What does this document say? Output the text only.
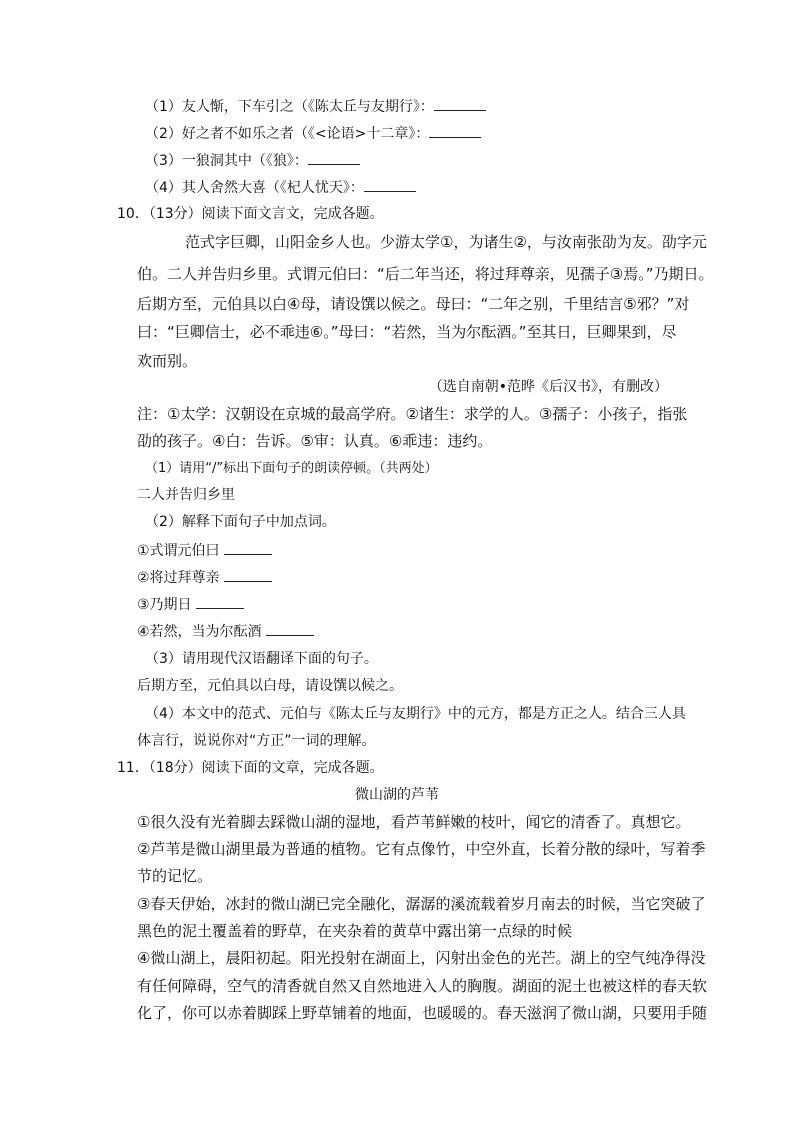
（1）友人惭，下车引之（《陈太丘与友期行》：
（2）好之者不如乐之者（《<论语>十二章》：
（3）一狼洞其中（《狼》：
（4）其人舍然大喜（《杞人忧天》：
10．（13分）阅读下面文言文，完成各题。
范式字巨卿，山阳金乡人也。少游太学①，为诸生②，与汝南张劭为友。劭字元
伯。二人并告归乡里。式谓元伯曰：“后二年当还，将过拜尊亲，见孺子③焉。”乃期日。
后期方至，元伯具以白④母，请设馔以候之。母曰：“二年之别，千里结言⑤邪？”对
曰：“巨卿信士，必不乖违⑥。”母曰：“若然，当为尔酝酒。”至其日，巨卿果到，尽
欢而别。
（选自南朝•范晔《后汉书》，有删改）
注：①太学：汉朝设在京城的最高学府。②诸生：求学的人。③孺子：小孩子，指张
劭的孩子。④白：告诉。⑤审：认真。⑥乖违：违约。
（1）请用“/”标出下面句子的朗读停顿。（共两处）
二人并告归乡里
（2）解释下面句子中加点词。
①式谓元伯曰
②将过拜尊亲
③乃期日
④若然，当为尔酝酒
（3）请用现代汉语翻译下面的句子。
后期方至，元伯具以白母，请设馔以候之。
（4）本文中的范式、元伯与《陈太丘与友期行》中的元方，都是方正之人。结合三人具
体言行，说说你对“方正”一词的理解。
11．（18分）阅读下面的文章，完成各题。
微山湖的芦苇
①很久没有光着脚去踩微山湖的湿地，看芦苇鲜嫩的枝叶，闻它的清香了。真想它。
②芦苇是微山湖里最为普通的植物。它有点像竹，中空外直，长着分散的绿叶，写着季
节的记忆。
③春天伊始，冰封的微山湖已完全融化，潺潺的溪流载着岁月南去的时候，当它突破了
黑色的泥土覆盖着的野草，在夹杂着的黄草中露出第一点绿的时候
④微山湖上，晨阳初起。阳光投射在湖面上，闪射出金色的光芒。湖上的空气纯净得没
有任何障碍，空气的清香就自然又自然地进入人的胸腹。湖面的泥土也被这样的春天软
化了，你可以赤着脚踩上野草铺着的地面，也暖暖的。春天滋润了微山湖，只要用手随
